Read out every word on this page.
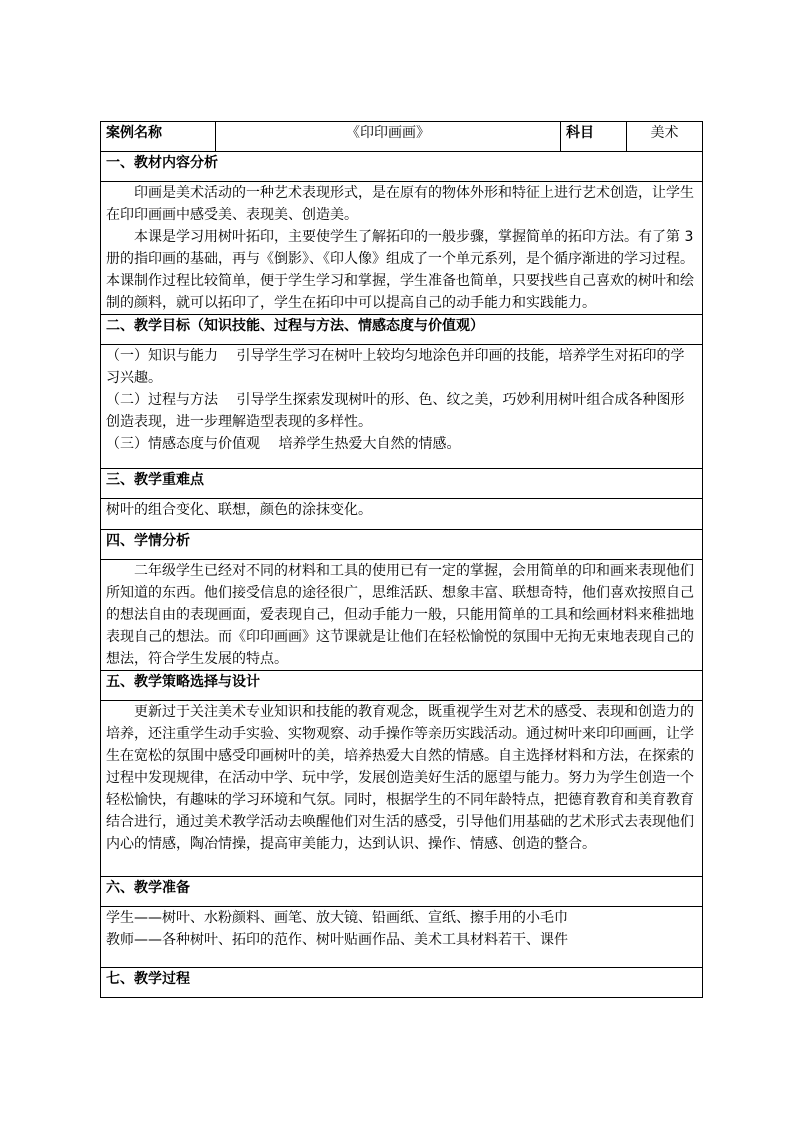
案例名称	《印印画画》	科目	美术
一、教材内容分析

印画是美术活动的一种艺术表现形式，是在原有的物体外形和特征上进行艺术创造，让学生在印印画画中感受美、表现美、创造美。

本课是学习用树叶拓印，主要使学生了解拓印的一般步骤，掌握简单的拓印方法。有了第 3 册的指印画的基础，再与《倒影》、《印人像》组成了一个单元系列，是个循序渐进的学习过程。本课制作过程比较简单，便于学生学习和掌握，学生准备也简单，只要找些自己喜欢的树叶和绘制的颜料，就可以拓印了，学生在拓印中可以提高自己的动手能力和实践能力。

二、教学目标（知识技能、过程与方法、情感态度与价值观）

（一）知识与能力　 引导学生学习在树叶上较均匀地涂色并印画的技能，培养学生对拓印的学习兴趣。

（二）过程与方法　 引导学生探索发现树叶的形、色、纹之美，巧妙利用树叶组合成各种图形创造表现，进一步理解造型表现的多样性。

（三）情感态度与价值观　 培养学生热爱大自然的情感。

三、教学重难点

树叶的组合变化、联想，颜色的涂抹变化。

四、学情分析

二年级学生已经对不同的材料和工具的使用已有一定的掌握，会用简单的印和画来表现他们所知道的东西。他们接受信息的途径很广，思维活跃、想象丰富、联想奇特，他们喜欢按照自己的想法自由的表现画面，爱表现自己，但动手能力一般，只能用简单的工具和绘画材料来稚拙地表现自己的想法。而《印印画画》这节课就是让他们在轻松愉悦的氛围中无拘无束地表现自己的想法，符合学生发展的特点。

五、教学策略选择与设计

更新过于关注美术专业知识和技能的教育观念，既重视学生对艺术的感受、表现和创造力的培养，还注重学生动手实验、实物观察、动手操作等亲历实践活动。通过树叶来印印画画，让学生在宽松的氛围中感受印画树叶的美，培养热爱大自然的情感。自主选择材料和方法，在探索的过程中发现规律，在活动中学、玩中学，发展创造美好生活的愿望与能力。努力为学生创造一个轻松愉快，有趣味的学习环境和气氛。同时，根据学生的不同年龄特点，把德育教育和美育教育结合进行，通过美术教学活动去唤醒他们对生活的感受，引导他们用基础的艺术形式去表现他们内心的情感，陶冶情操，提高审美能力，达到认识、操作、情感、创造的整合。

六、教学准备

学生——树叶、水粉颜料、画笔、放大镜、铅画纸、宣纸、擦手用的小毛巾

教师——各种树叶、拓印的范作、树叶贴画作品、美术工具材料若干、课件

七、教学过程
